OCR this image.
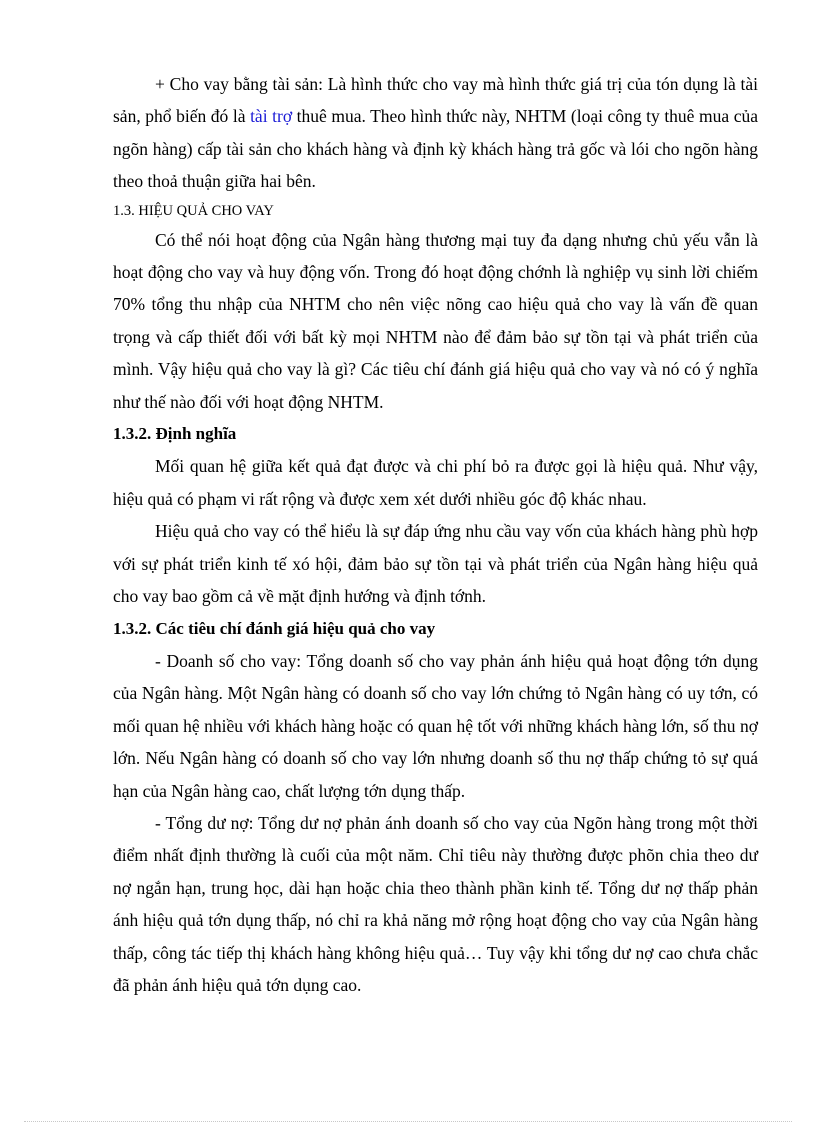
+ Cho vay bằng tài sản: Là hình thức cho vay mà hình thức giá trị của tón dụng là tài sản, phổ biến đó là tài trợ thuê mua. Theo hình thức này, NHTM (loại công ty thuê mua của ngõn hàng) cấp tài sản cho khách hàng và định kỳ khách hàng trả gốc và lói cho ngõn hàng theo thoả thuận giữa hai bên.

1.3. HIỆU QUẢ CHO VAY

Có thể nói hoạt động của Ngân hàng thương mại tuy đa dạng nhưng chủ yếu vẫn là hoạt động cho vay và huy động vốn. Trong đó hoạt động chớnh là nghiệp vụ sinh lời chiếm 70% tổng thu nhập của NHTM cho nên việc nõng cao hiệu quả cho vay là vấn đề quan trọng và cấp thiết đối với bất kỳ mọi NHTM nào để đảm bảo sự tồn tại và phát triển của mình. Vậy hiệu quả cho vay là gì? Các tiêu chí đánh giá hiệu quả cho vay và nó có ý nghĩa như thế nào đối với hoạt động NHTM.

1.3.2. Định nghĩa

Mối quan hệ giữa kết quả đạt được và chi phí bỏ ra được gọi là hiệu quả. Như vậy, hiệu quả có phạm vi rất rộng và được xem xét dưới nhiều góc độ khác nhau.

Hiệu quả cho vay có thể hiểu là sự đáp ứng nhu cầu vay vốn của khách hàng phù hợp với sự phát triển kinh tế xó hội, đảm bảo sự tồn tại và phát triển của Ngân hàng hiệu quả cho vay bao gồm cả về mặt định hướng và định tớnh.

1.3.2. Các tiêu chí đánh giá hiệu quả cho vay

- Doanh số cho vay: Tổng doanh số cho vay phản ánh hiệu quả hoạt động tớn dụng của Ngân hàng. Một Ngân hàng có doanh số cho vay lớn chứng tỏ Ngân hàng có uy tớn, có mối quan hệ nhiều với khách hàng hoặc có quan hệ tốt với những khách hàng lớn, số thu nợ lớn. Nếu Ngân hàng có doanh số cho vay lớn nhưng doanh số thu nợ thấp chứng tỏ sự quá hạn của Ngân hàng cao, chất lượng tớn dụng thấp.

- Tổng dư nợ: Tổng dư nợ phản ánh doanh số cho vay của Ngõn hàng trong một thời điểm nhất định thường là cuối của một năm. Chỉ tiêu này thường được phõn chia theo dư nợ ngắn hạn, trung học, dài hạn hoặc chia theo thành phần kinh tế. Tổng dư nợ thấp phản ánh hiệu quả tớn dụng thấp, nó chỉ ra khả năng mở rộng hoạt động cho vay của Ngân hàng thấp, công tác tiếp thị khách hàng không hiệu quả… Tuy vậy khi tổng dư nợ cao chưa chắc đã phản ánh hiệu quả tớn dụng cao.
